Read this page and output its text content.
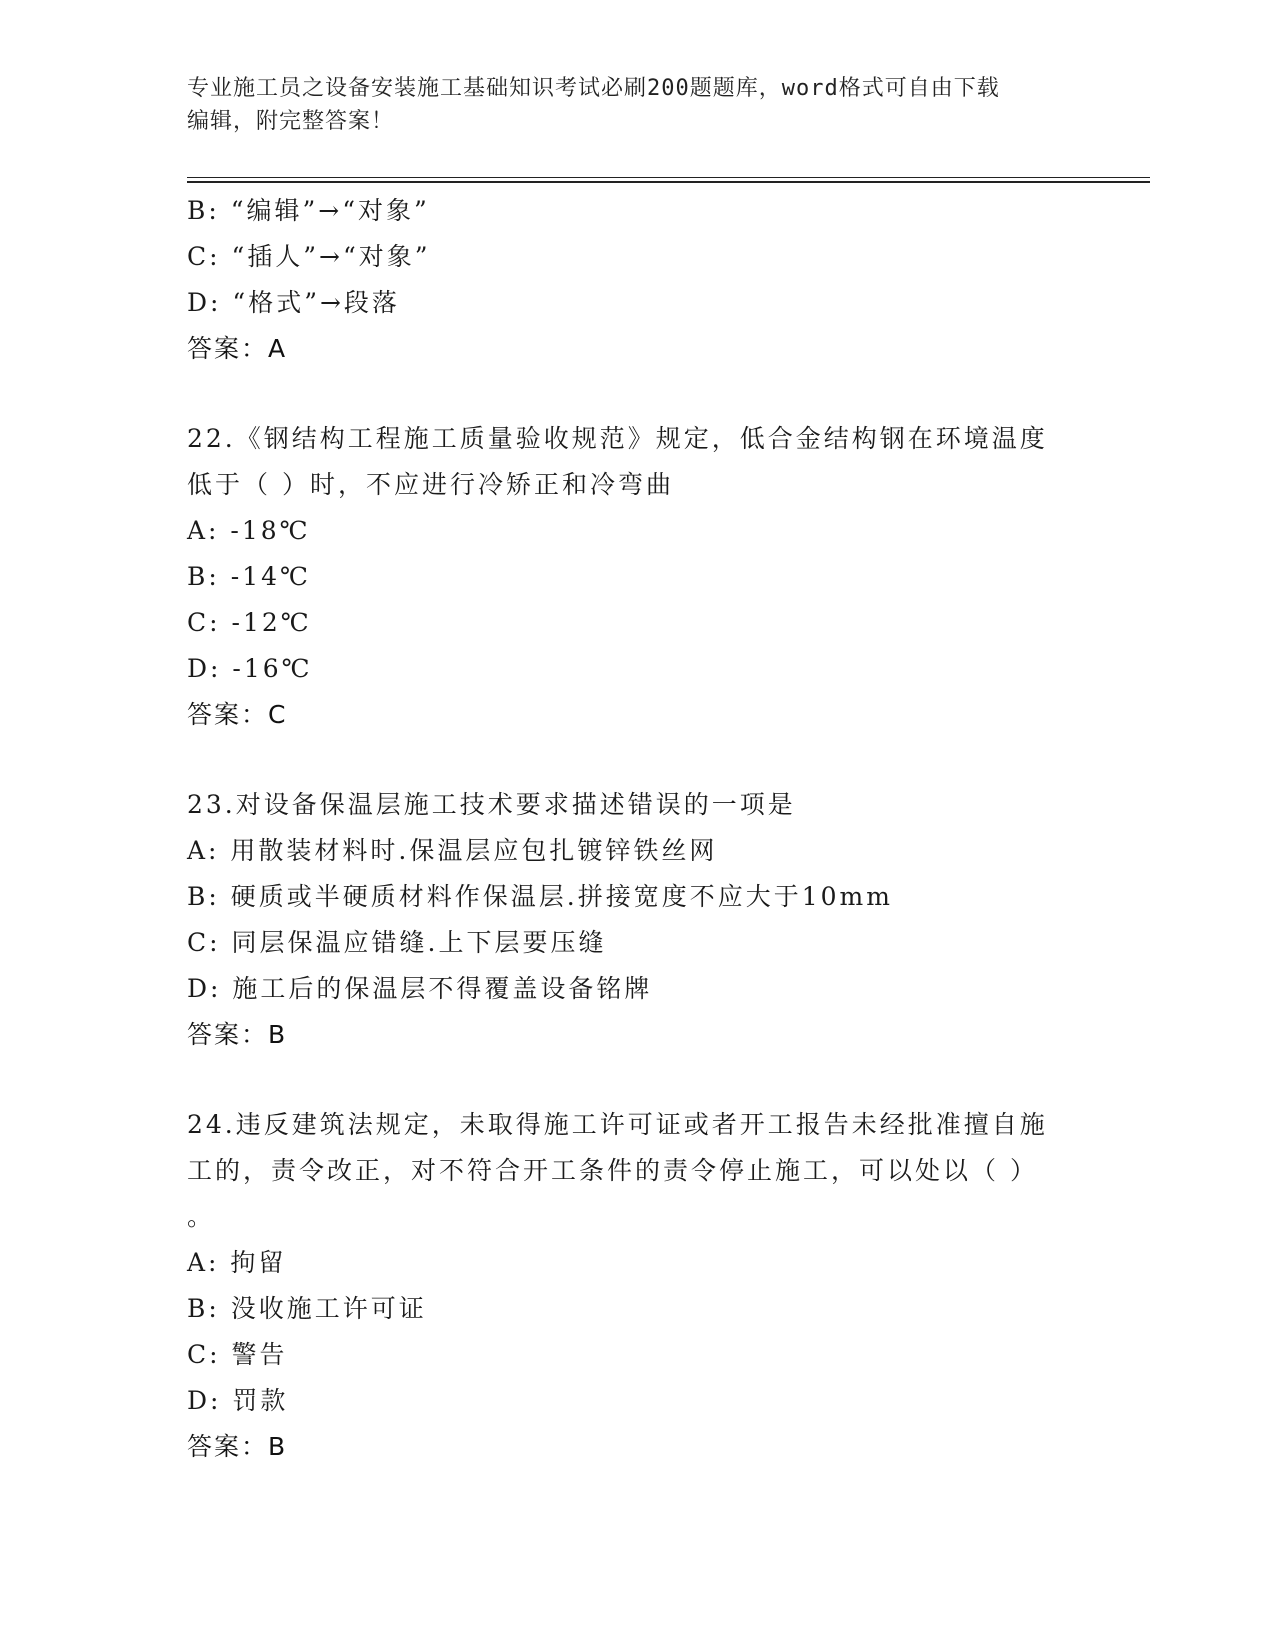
专业施工员之设备安装施工基础知识考试必刷200题题库，word格式可自由下载
编辑，附完整答案！
B: “编辑”→“对象”
C: “插人”→“对象”
D: “格式”→段落
答案：A
22.《钢结构工程施工质量验收规范》规定，低合金结构钢在环境温度
低于（ ）时，不应进行冷矫正和冷弯曲
A: -18℃
B: -14℃
C: -12℃
D: -16℃
答案：C
23.对设备保温层施工技术要求描述错误的一项是
A: 用散装材料时.保温层应包扎镀锌铁丝网
B: 硬质或半硬质材料作保温层.拼接宽度不应大于10mm
C: 同层保温应错缝.上下层要压缝
D: 施工后的保温层不得覆盖设备铭牌
答案：B
24.违反建筑法规定，未取得施工许可证或者开工报告未经批准擅自施
工的，责令改正，对不符合开工条件的责令停止施工，可以处以（ ）
。
A: 拘留
B: 没收施工许可证
C: 警告
D: 罚款
答案：B
